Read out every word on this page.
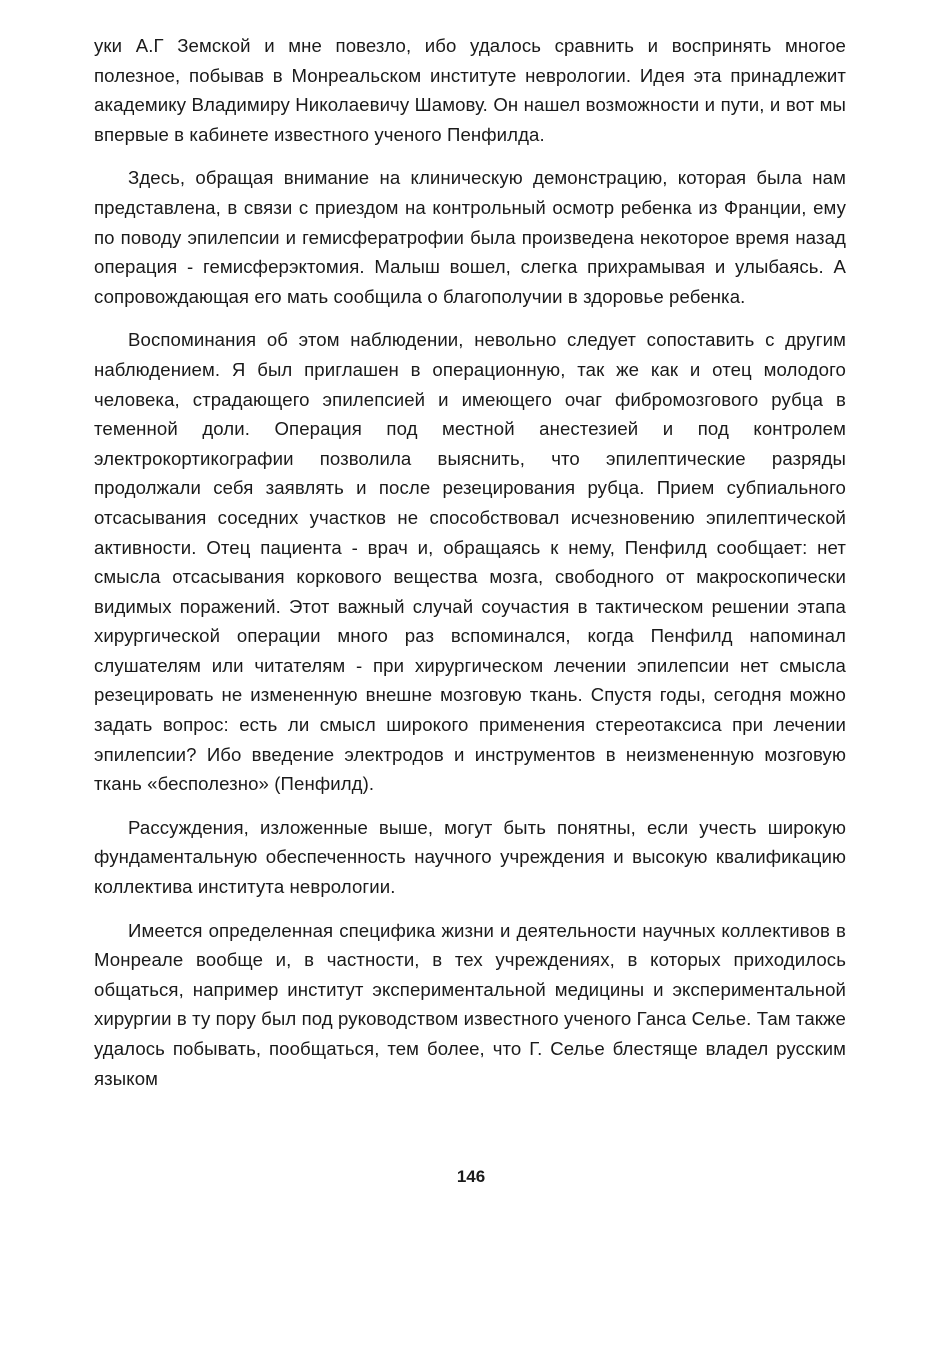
уки А.Г Земской и мне повезло, ибо удалось сравнить и воспринять многое полезное, побывав в Монреальском институте неврологии. Идея эта принадлежит академику Владимиру Николаевичу Шамову. Он нашел возможности и пути, и вот мы впервые в кабинете известного ученого Пенфилда.

Здесь, обращая внимание на клиническую демонстрацию, которая была нам представлена, в связи с приездом на контрольный осмотр ребенка из Франции, ему по поводу эпилепсии и гемисфератрофии была произведена некоторое время назад операция - гемисферэктомия. Малыш вошел, слегка прихрамывая и улыбаясь. А сопровождающая его мать сообщила о благополучии в здоровье ребенка.

Воспоминания об этом наблюдении, невольно следует сопоставить с другим наблюдением. Я был приглашен в операционную, так же как и отец молодого человека, страдающего эпилепсией и имеющего очаг фибромозгового рубца в теменной доли. Операция под местной анестезией и под контролем электрокортикографии позволила выяснить, что эпилептические разряды продолжали себя заявлять и после резецирования рубца. Прием субпиального отсасывания соседних участков не способствовал исчезновению эпилептической активности. Отец пациента - врач и, обращаясь к нему, Пенфилд сообщает: нет смысла отсасывания коркового вещества мозга, свободного от макроскопически видимых поражений. Этот важный случай соучастия в тактическом решении этапа хирургической операции много раз вспоминался, когда Пенфилд напоминал слушателям или читателям - при хирургическом лечении эпилепсии нет смысла резецировать не измененную внешне мозговую ткань. Спустя годы, сегодня можно задать вопрос: есть ли смысл широкого применения стереотаксиса при лечении эпилепсии? Ибо введение электродов и инструментов в неизмененную мозговую ткань «бесполезно» (Пенфилд).

Рассуждения, изложенные выше, могут быть понятны, если учесть широкую фундаментальную обеспеченность научного учреждения и высокую квалификацию коллектива института неврологии.

Имеется определенная специфика жизни и деятельности научных коллективов в Монреале вообще и, в частности, в тех учреждениях, в которых приходилось общаться, например институт экспериментальной медицины и экспериментальной хирургии в ту пору был под руководством известного ученого Ганса Селье. Там также удалось побывать, пообщаться, тем более, что Г. Селье блестяще владел русским языком

146
